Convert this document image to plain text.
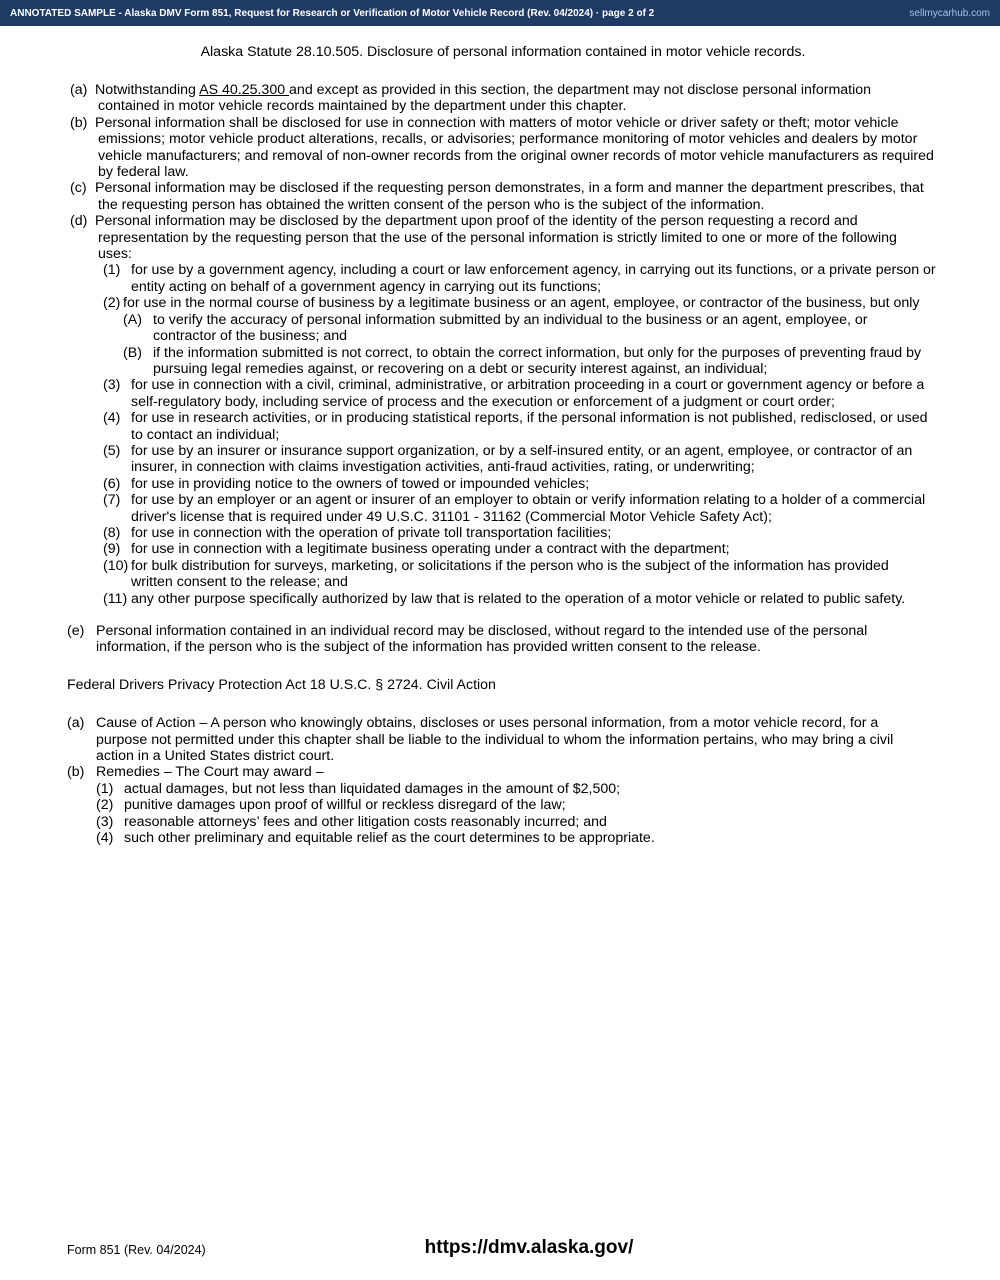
ANNOTATED SAMPLE - Alaska DMV Form 851, Request for Research or Verification of Motor Vehicle Record (Rev. 04/2024) · page 2 of 2	sellmycarhub.com
Alaska Statute 28.10.505. Disclosure of personal information contained in motor vehicle records.
(a) Notwithstanding AS 40.25.300 and except as provided in this section, the department may not disclose personal information contained in motor vehicle records maintained by the department under this chapter.
(b) Personal information shall be disclosed for use in connection with matters of motor vehicle or driver safety or theft; motor vehicle emissions; motor vehicle product alterations, recalls, or advisories; performance monitoring of motor vehicles and dealers by motor vehicle manufacturers; and removal of non-owner records from the original owner records of motor vehicle manufacturers as required by federal law.
(c) Personal information may be disclosed if the requesting person demonstrates, in a form and manner the department prescribes, that the requesting person has obtained the written consent of the person who is the subject of the information.
(d) Personal information may be disclosed by the department upon proof of the identity of the person requesting a record and representation by the requesting person that the use of the personal information is strictly limited to one or more of the following uses:
(1) for use by a government agency, including a court or law enforcement agency, in carrying out its functions, or a private person or entity acting on behalf of a government agency in carrying out its functions;
(2) for use in the normal course of business by a legitimate business or an agent, employee, or contractor of the business, but only
(A) to verify the accuracy of personal information submitted by an individual to the business or an agent, employee, or contractor of the business; and
(B) if the information submitted is not correct, to obtain the correct information, but only for the purposes of preventing fraud by pursuing legal remedies against, or recovering on a debt or security interest against, an individual;
(3) for use in connection with a civil, criminal, administrative, or arbitration proceeding in a court or government agency or before a self-regulatory body, including service of process and the execution or enforcement of a judgment or court order;
(4) for use in research activities, or in producing statistical reports, if the personal information is not published, redisclosed, or used to contact an individual;
(5) for use by an insurer or insurance support organization, or by a self-insured entity, or an agent, employee, or contractor of an insurer, in connection with claims investigation activities, anti-fraud activities, rating, or underwriting;
(6) for use in providing notice to the owners of towed or impounded vehicles;
(7) for use by an employer or an agent or insurer of an employer to obtain or verify information relating to a holder of a commercial driver's license that is required under 49 U.S.C. 31101 - 31162 (Commercial Motor Vehicle Safety Act);
(8) for use in connection with the operation of private toll transportation facilities;
(9) for use in connection with a legitimate business operating under a contract with the department;
(10) for bulk distribution for surveys, marketing, or solicitations if the person who is the subject of the information has provided written consent to the release; and
(11) any other purpose specifically authorized by law that is related to the operation of a motor vehicle or related to public safety.
(e) Personal information contained in an individual record may be disclosed, without regard to the intended use of the personal information, if the person who is the subject of the information has provided written consent to the release.
Federal Drivers Privacy Protection Act 18 U.S.C. § 2724. Civil Action
(a) Cause of Action – A person who knowingly obtains, discloses or uses personal information, from a motor vehicle record, for a purpose not permitted under this chapter shall be liable to the individual to whom the information pertains, who may bring a civil action in a United States district court.
(b) Remedies – The Court may award –
(1) actual damages, but not less than liquidated damages in the amount of $2,500;
(2) punitive damages upon proof of willful or reckless disregard of the law;
(3) reasonable attorneys’ fees and other litigation costs reasonably incurred; and
(4) such other preliminary and equitable relief as the court determines to be appropriate.
Form 851 (Rev. 04/2024)	https://dmv.alaska.gov/
